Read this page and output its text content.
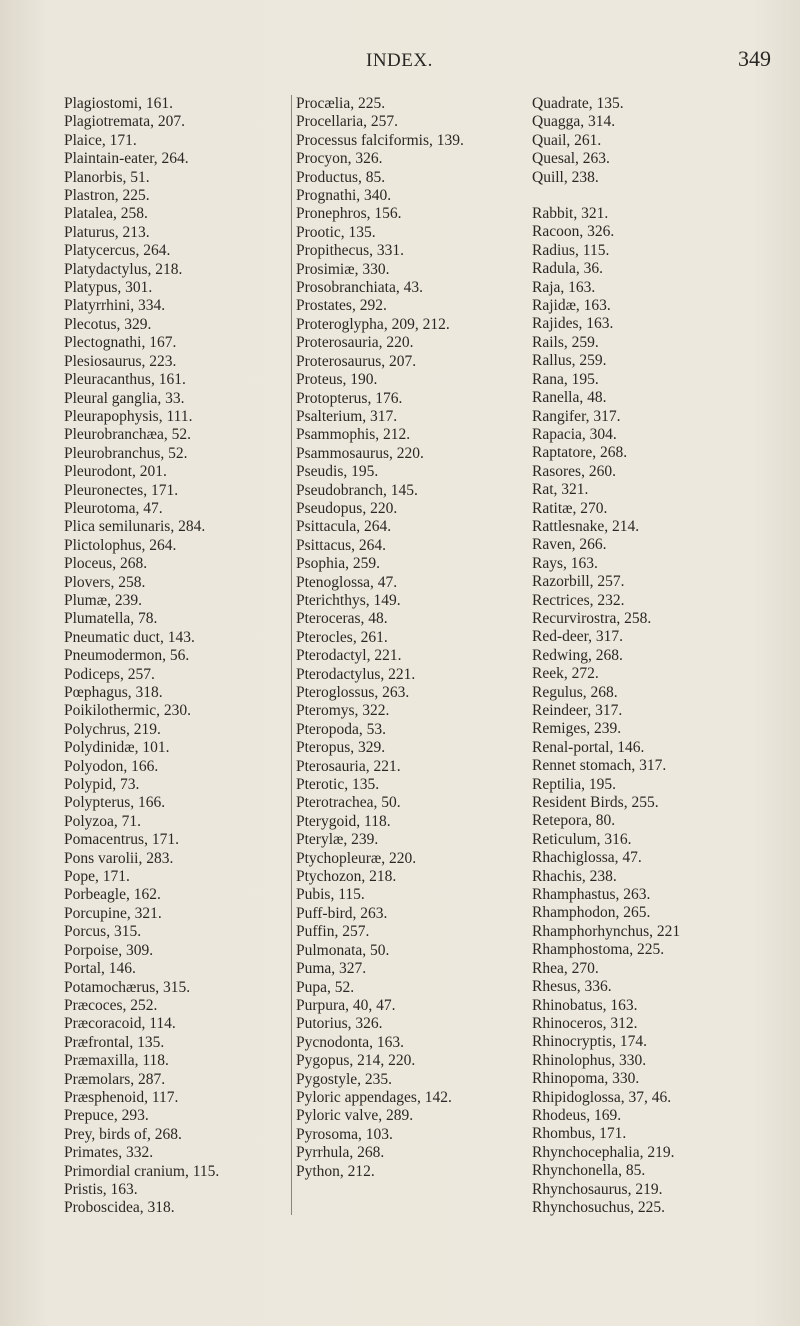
INDEX.	349
Plagiostomi, 161.
Plagiotremata, 207.
Plaice, 171.
Plaintain-eater, 264.
Planorbis, 51.
Plastron, 225.
Platalea, 258.
Platurus, 213.
Platycercus, 264.
Platydactylus, 218.
Platypus, 301.
Platyrrhini, 334.
Plecotus, 329.
Plectognathi, 167.
Plesiosaurus, 223.
Pleuracanthus, 161.
Pleural ganglia, 33.
Pleurapophysis, 111.
Pleurobranchæa, 52.
Pleurobranchus, 52.
Pleurodont, 201.
Pleuronectes, 171.
Pleurotoma, 47.
Plica semilunaris, 284.
Plictolophus, 264.
Ploceus, 268.
Plovers, 258.
Plumæ, 239.
Plumatella, 78.
Pneumatic duct, 143.
Pneumodermon, 56.
Podiceps, 257.
Pœphagus, 318.
Poikilothermic, 230.
Polychrus, 219.
Polydinidæ, 101.
Polyodon, 166.
Polypid, 73.
Polypterus, 166.
Polyzoa, 71.
Pomacentrus, 171.
Pons varolii, 283.
Pope, 171.
Porbeagle, 162.
Porcupine, 321.
Porcus, 315.
Porpoise, 309.
Portal, 146.
Potamochærus, 315.
Præcoces, 252.
Præcoracoid, 114.
Præfrontal, 135.
Præmaxilla, 118.
Præmolars, 287.
Præsphenoid, 117.
Prepuce, 293.
Prey, birds of, 268.
Primates, 332.
Primordial cranium, 115.
Pristis, 163.
Proboscidea, 318.
Procælia, 225.
Procellaria, 257.
Processus falciformis, 139.
Procyon, 326.
Productus, 85.
Prognathi, 340.
Pronephros, 156.
Prootic, 135.
Propithecus, 331.
Prosimiæ, 330.
Prosobranchiata, 43.
Prostates, 292.
Proteroglypha, 209, 212.
Proterosauria, 220.
Proterosaurus, 207.
Proteus, 190.
Protopterus, 176.
Psalterium, 317.
Psammophis, 212.
Psammosaurus, 220.
Pseudis, 195.
Pseudobranch, 145.
Pseudopus, 220.
Psittacula, 264.
Psittacus, 264.
Psophia, 259.
Ptenoglossa, 47.
Pterichthys, 149.
Pteroceras, 48.
Pterocles, 261.
Pterodactyl, 221.
Pterodactylus, 221.
Pteroglossus, 263.
Pteromys, 322.
Pteropoda, 53.
Pteropus, 329.
Pterosauria, 221.
Pterotic, 135.
Pterotrachea, 50.
Pterygoid, 118.
Pterylæ, 239.
Ptychopleuræ, 220.
Ptychozon, 218.
Pubis, 115.
Puff-bird, 263.
Puffin, 257.
Pulmonata, 50.
Puma, 327.
Pupa, 52.
Purpura, 40, 47.
Putorius, 326.
Pycnodonta, 163.
Pygopus, 214, 220.
Pygostyle, 235.
Pyloric appendages, 142.
Pyloric valve, 289.
Pyrosoma, 103.
Pyrrhula, 268.
Python, 212.
Quadrate, 135.
Quagga, 314.
Quail, 261.
Quesal, 263.
Quill, 238.
Rabbit, 321.
Racoon, 326.
Radius, 115.
Radula, 36.
Raja, 163.
Rajidæ, 163.
Rajides, 163.
Rails, 259.
Rallus, 259.
Rana, 195.
Ranella, 48.
Rangifer, 317.
Rapacia, 304.
Raptatore, 268.
Rasores, 260.
Rat, 321.
Ratitæ, 270.
Rattlesnake, 214.
Raven, 266.
Rays, 163.
Razorbill, 257.
Rectrices, 232.
Recurvirostra, 258.
Red-deer, 317.
Redwing, 268.
Reek, 272.
Regulus, 268.
Reindeer, 317.
Remiges, 239.
Renal-portal, 146.
Rennet stomach, 317.
Reptilia, 195.
Resident Birds, 255.
Retepora, 80.
Reticulum, 316.
Rhachiglossa, 47.
Rhachis, 238.
Rhamphastus, 263.
Rhamphodon, 265.
Rhamphorhynchus, 221
Rhamphostoma, 225.
Rhea, 270.
Rhesus, 336.
Rhinobatus, 163.
Rhinoceros, 312.
Rhinocryptis, 174.
Rhinolophus, 330.
Rhinopoma, 330.
Rhipidoglossa, 37, 46.
Rhodeus, 169.
Rhombus, 171.
Rhynchocephalia, 219.
Rhynchonella, 85.
Rhynchosaurus, 219.
Rhynchosuchus, 225.
